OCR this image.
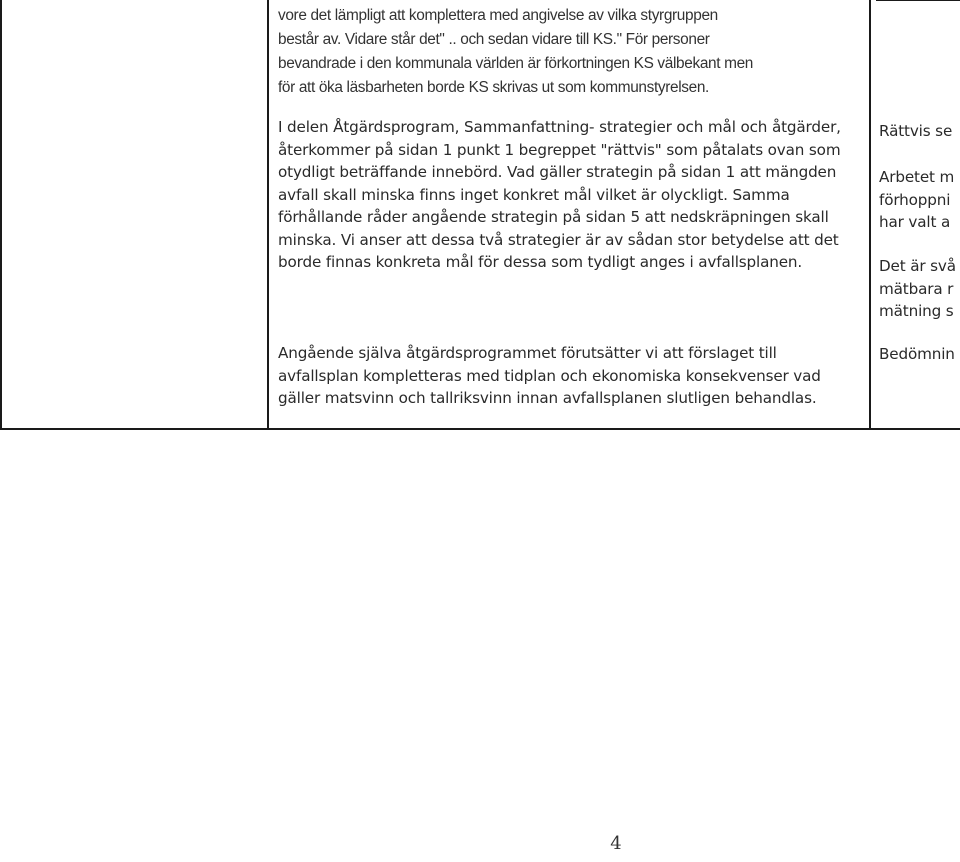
vore det lämpligt att komplettera med angivelse av vilka styrgruppen
består av. Vidare står det" .. och sedan vidare till KS." För personer
bevandrade i den kommunala världen är förkortningen KS välbekant men
för att öka läsbarheten borde KS skrivas ut som kommunstyrelsen.

I delen Åtgärdsprogram, Sammanfattning- strategier och mål och åtgärder,
återkommer på sidan 1 punkt 1 begreppet "rättvis" som påtalats ovan som
otydligt beträffande innebörd. Vad gäller strategin på sidan 1 att mängden
avfall skall minska finns inget konkret mål vilket är olyckligt. Samma
förhållande råder angående strategin på sidan 5 att nedskräpningen skall
minska. Vi anser att dessa två strategier är av sådan stor betydelse att det
borde finnas konkreta mål för dessa som tydligt anges i avfallsplanen.

Angående själva åtgärdsprogrammet förutsätter vi att förslaget till
avfallsplan kompletteras med tidplan och ekonomiska konsekvenser vad
gäller matsvinn och tallriksvinn innan avfallsplanen slutligen behandlas.

Rättvis se

Arbetet m
förhoppni
har valt a

Det är svå
mätbara r
mätning s

Bedömnin

4
